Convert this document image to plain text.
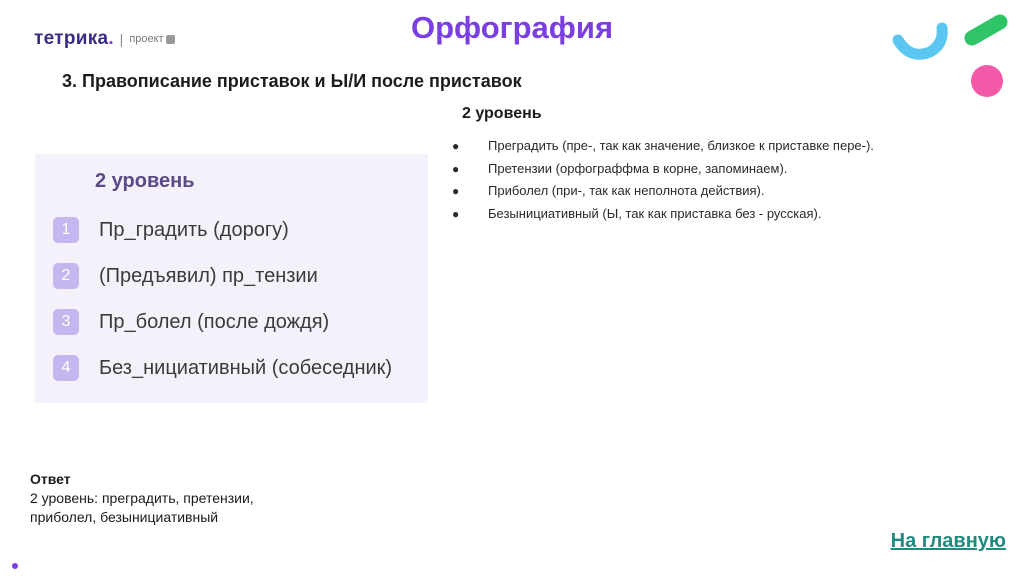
тетрика . | проект	Орфография
3. Правописание приставок и Ы/И после приставок
2 уровень
1	Пр_градить (дорогу)
2	(Предъявил) пр_тензии
3	Пр_болел (после дождя)
4	Без_нициативный (собеседник)
2 уровень
●	Преградить (пре-, так как значение, близкое к приставке пере-).
●	Претензии (орфограффма в корне, запоминаем).
●	Приболел (при-, так как неполнота действия).
●	Безынициативный (Ы, так как приставка без - русская).
Ответ
2 уровень: преградить, претензии,
приболел, безынициативный
На главную
